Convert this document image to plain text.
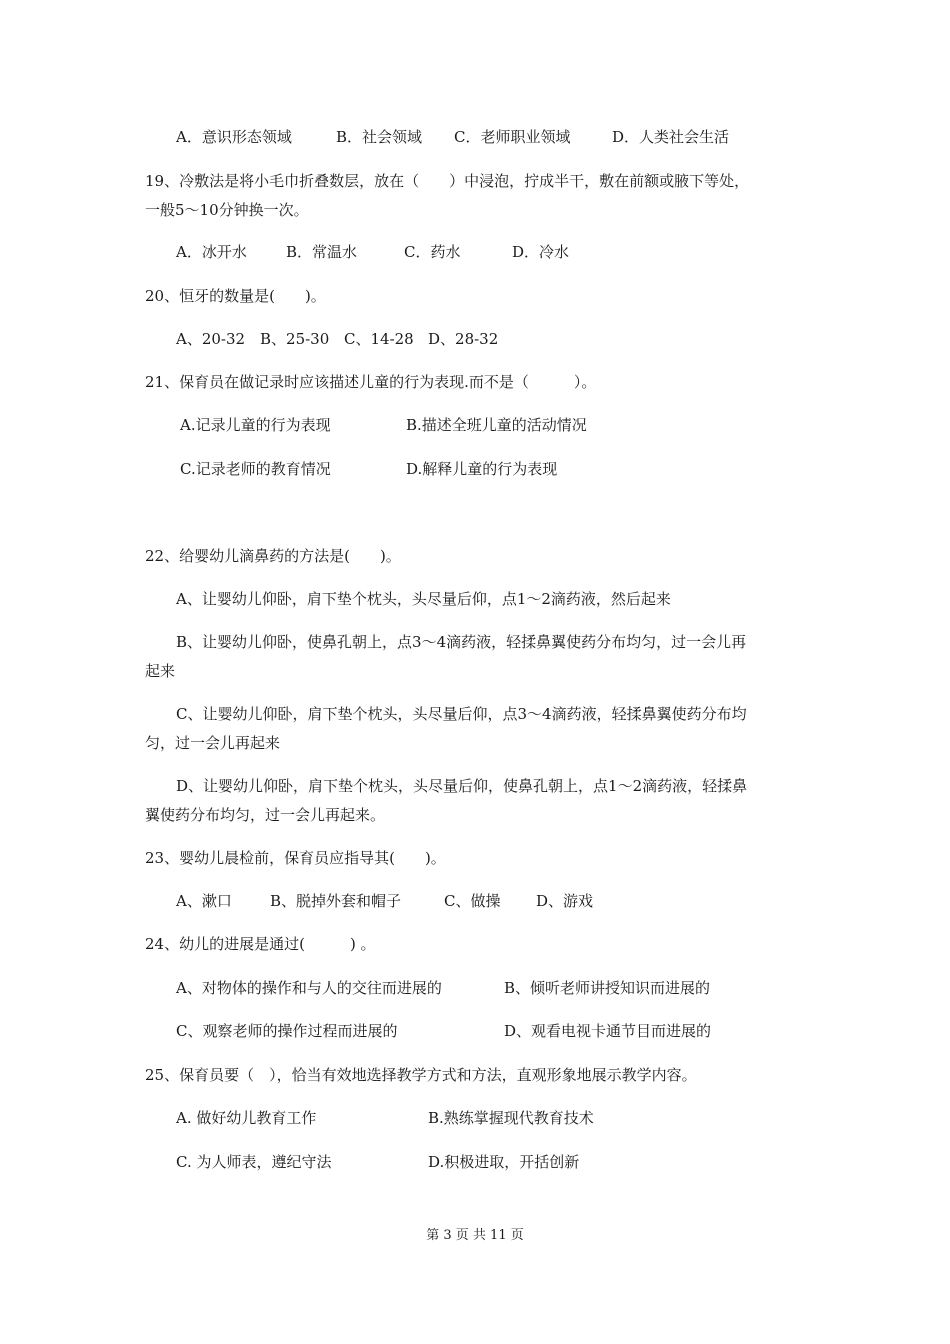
A．意识形态领域	B．社会领域 C．老师职业领域	D．人类社会生活
19、冷敷法是将小毛巾折叠数层，放在（　　）中浸泡，拧成半干，敷在前额或腋下等处，
一般5～10分钟换一次。
A．冰开水	B．常温水	C．药水	D．冷水
20、恒牙的数量是(　　)。
A、20-32 B、25-30 C、14-28 D、28-32
21、保育员在做记录时应该描述儿童的行为表现.而不是（　　　）。
A.记录儿童的行为表现	B.描述全班儿童的活动情况
C.记录老师的教育情况	D.解释儿童的行为表现
22、给婴幼儿滴鼻药的方法是(　　)。
A、让婴幼儿仰卧，肩下垫个枕头，头尽量后仰，点1～2滴药液，然后起来
B、让婴幼儿仰卧，使鼻孔朝上，点3～4滴药液，轻揉鼻翼使药分布均匀，过一会儿再
起来
C、让婴幼儿仰卧，肩下垫个枕头，头尽量后仰，点3～4滴药液，轻揉鼻翼使药分布均
匀，过一会儿再起来
D、让婴幼儿仰卧，肩下垫个枕头，头尽量后仰，使鼻孔朝上，点1～2滴药液，轻揉鼻
翼使药分布均匀，过一会儿再起来。
23、婴幼儿晨检前，保育员应指导其(　　)。
A、漱口	B、脱掉外套和帽子	C、做操 D、游戏
24、幼儿的进展是通过(　　　) 。
A、对物体的操作和与人的交往而进展的	B、倾听老师讲授知识而进展的
C、观察老师的操作过程而进展的	D、观看电视卡通节目而进展的
25、保育员要（　），恰当有效地选择教学方式和方法，直观形象地展示教学内容。
A. 做好幼儿教育工作	B.熟练掌握现代教育技术
C. 为人师表，遵纪守法	D.积极进取，开括创新
第 3 页 共 11 页
